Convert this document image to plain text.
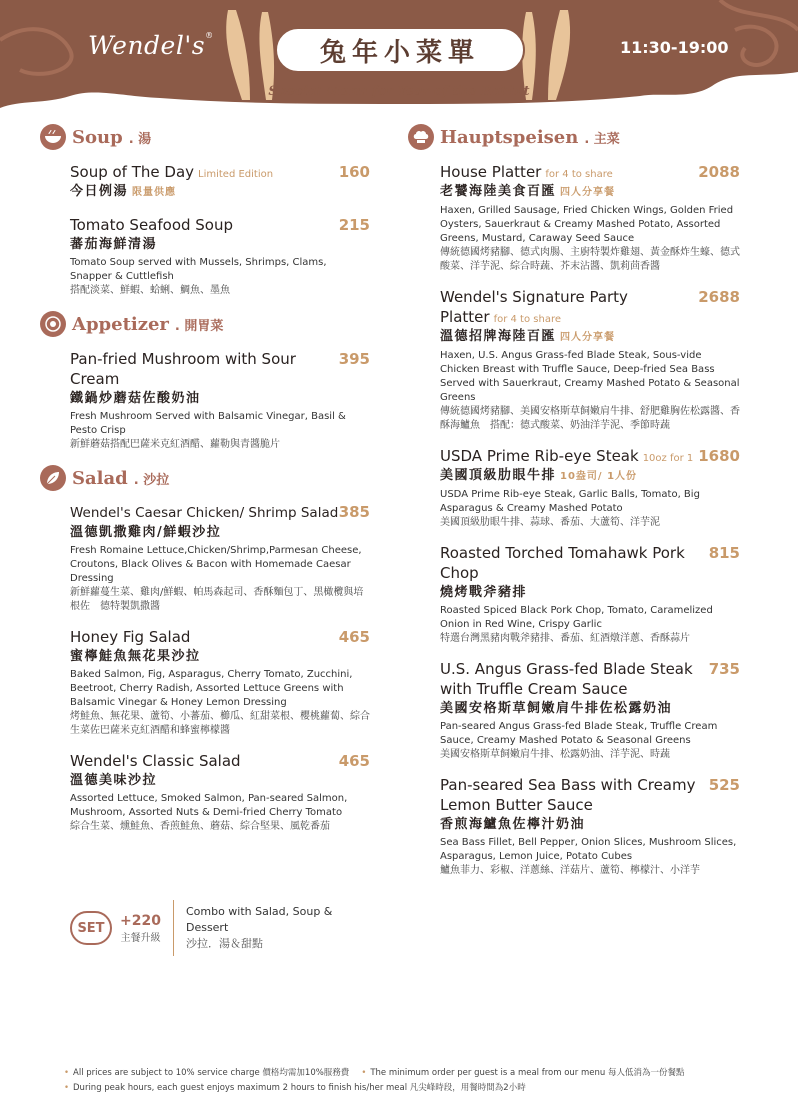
Wendel's®
兔年小菜單	11:30-19:00
Special Menu for Year of the Rabbit
Soup . 湯
Soup of The Day Limited Edition	160
今日例湯 限量供應
Tomato Seafood Soup	215
蕃茄海鮮清湯
Tomato Soup served with Mussels, Shrimps, Clams, Snapper & Cuttlefish
搭配淡菜、鮮蝦、蛤蜊、鯛魚、墨魚
Appetizer . 開胃菜
Pan-fried Mushroom with Sour Cream
395
鐵鍋炒蘑菇佐酸奶油
Fresh Mushroom Served with Balsamic Vinegar, Basil & Pesto Crisp
新鮮蘑菇搭配巴薩米克紅酒醋、蘿勒與青醬脆片
Salad . 沙拉
Wendel's Caesar Chicken/ Shrimp Salad 385
溫德凱撒雞肉/鮮蝦沙拉
Fresh Romaine Lettuce,Chicken/Shrimp,Parmesan Cheese, Croutons, Black Olives & Bacon with Homemade Caesar Dressing
新鮮蘿蔓生菜、雞肉/鮮蝦、帕馬森起司、香酥麵包丁、黑橄欖與培根佐　德特製凱撒醬
Honey Fig Salad	465
蜜檸鮭魚無花果沙拉
Baked Salmon, Fig, Asparagus, Cherry Tomato, Zucchini, Beetroot, Cherry Radish, Assorted Lettuce Greens with Balsamic Vinegar & Honey Lemon Dressing
烤鮭魚、無花果、蘆筍、小蕃茄、櫛瓜、紅甜菜根、櫻桃蘿蔔、綜合生菜佐巴薩米克紅酒醋和蜂蜜檸檬醬
Wendel's Classic Salad	465
溫德美味沙拉
Assorted Lettuce, Smoked Salmon, Pan-seared Salmon, Mushroom, Assorted Nuts & Demi-fried Cherry Tomato
綜合生菜、燻鮭魚、香煎鮭魚、蘑菇、綜合堅果、風乾番茄
SET	+220
主餐升級
Combo with Salad, Soup & Dessert
沙拉．湯＆甜點
Hauptspeisen . 主菜
House Platter for 4 to share	2088
老饕海陸美食百匯 四人分享餐
Haxen, Grilled Sausage, Fried Chicken Wings, Golden Fried Oysters, Sauerkraut & Creamy Mashed Potato, Assorted Greens, Mustard, Caraway Seed Sauce
傳統德國烤豬腳、德式肉腸、主廚特製炸雞翅、黃金酥炸生蠔、德式酸菜、洋芋泥、綜合時蔬、芥末沾醬、凱莉茴香醬
Wendel's Signature Party Platter for 4 to share
2688
溫德招牌海陸百匯 四人分享餐
Haxen, U.S. Angus Grass-fed Blade Steak, Sous-vide Chicken Breast with Truffle Sauce, Deep-fried Sea Bass Served with Sauerkraut, Creamy Mashed Potato & Seasonal Greens
傳統德國烤豬腳、美國安格斯草飼嫩肩牛排、舒肥雞胸佐松露醬、香酥海鱸魚　搭配：德式酸菜、奶油洋芋泥、季節時蔬
USDA Prime Rib-eye Steak 10oz for 1 1680
美國頂級肋眼牛排 10盎司/ 1人份
USDA Prime Rib-eye Steak, Garlic Balls, Tomato, Big Asparagus & Creamy Mashed Potato
美國頂級肋眼牛排、蒜球、番茄、大蘆筍、洋芋泥
Roasted Torched Tomahawk Pork Chop
815
燒烤戰斧豬排
Roasted Spiced Black Pork Chop, Tomato, Caramelized Onion in Red Wine, Crispy Garlic
特選台灣黑豬肉戰斧豬排、番茄、紅酒燉洋蔥、香酥蒜片
U.S. Angus Grass-fed Blade Steak with Truffle Cream Sauce
735
美國安格斯草飼嫩肩牛排佐松露奶油
Pan-seared Angus Grass-fed Blade Steak, Truffle Cream Sauce, Creamy Mashed Potato & Seasonal Greens
美國安格斯草飼嫩肩牛排、松露奶油、洋芋泥、時蔬
Pan-seared Sea Bass with Creamy Lemon Butter Sauce
525
香煎海鱸魚佐檸汁奶油
Sea Bass Fillet, Bell Pepper, Onion Slices, Mushroom Slices, Asparagus, Lemon Juice, Potato Cubes
鱸魚菲力、彩椒、洋蔥絲、洋菇片、蘆筍、檸檬汁、小洋芋
• All prices are subject to 10% service charge 價格均需加10%服務費 • The minimum order per guest is a meal from our menu 每人低消為一份餐點
• During peak hours, each guest enjoys maximum 2 hours to finish his/her meal 凡尖峰時段，用餐時間為2小時
